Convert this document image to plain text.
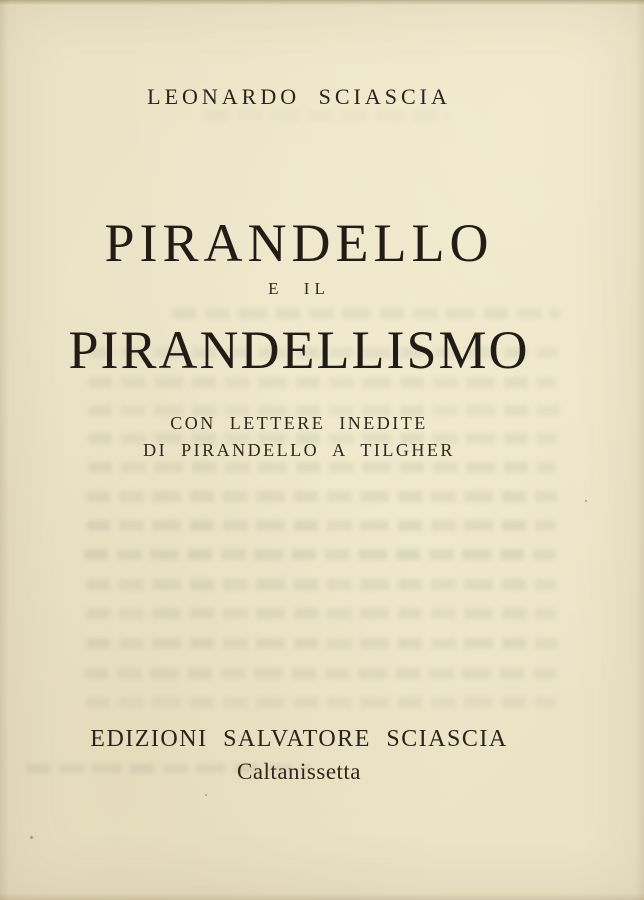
LEONARDO SCIASCIA
PIRANDELLO
E IL
PIRANDELLISMO
CON LETTERE INEDITE
DI PIRANDELLO A TILGHER
EDIZIONI SALVATORE SCIASCIA
Caltanissetta
